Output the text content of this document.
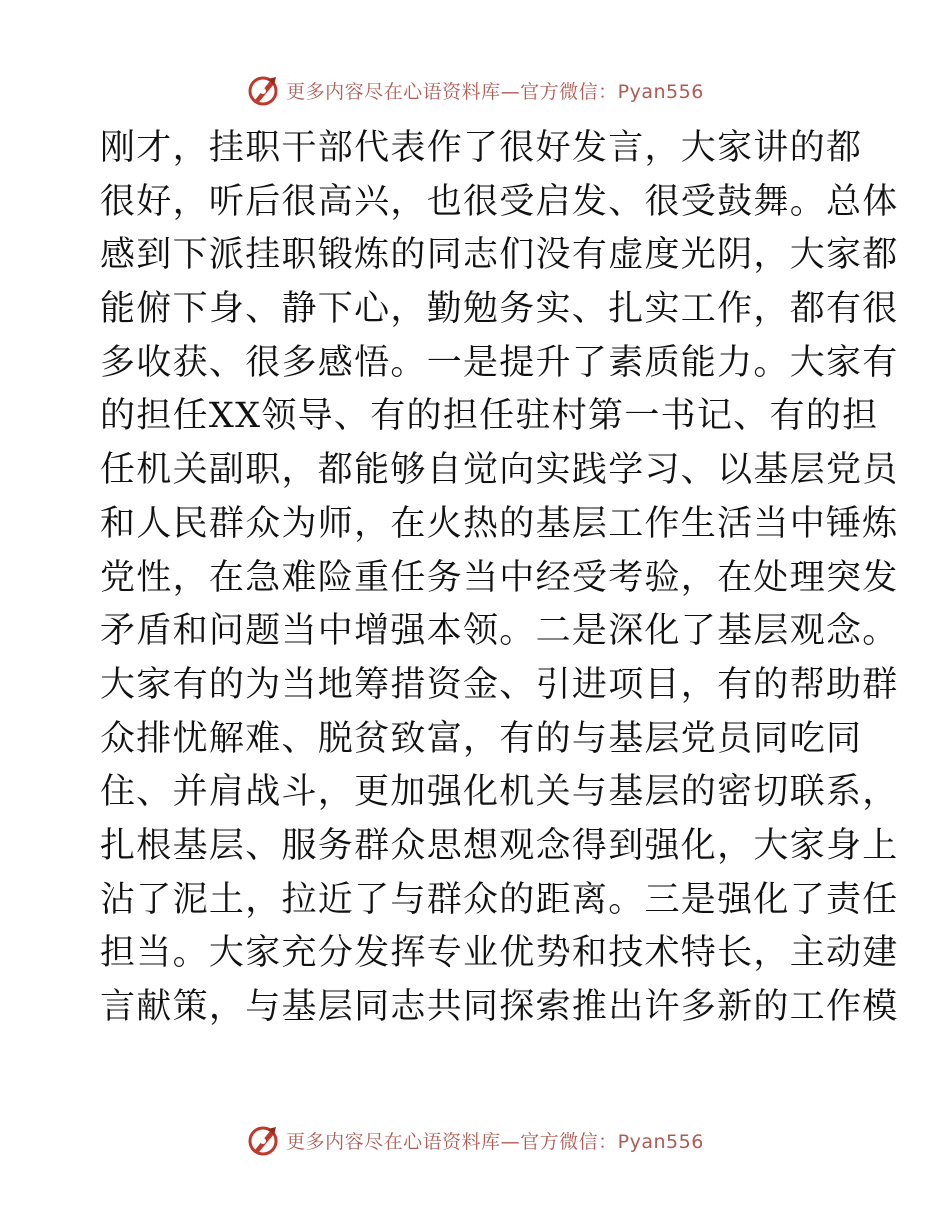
更多内容尽在心语资料库—官方微信：Pyan556
刚才，挂职干部代表作了很好发言，大家讲的都
很好，听后很高兴，也很受启发、很受鼓舞。总体
感到下派挂职锻炼的同志们没有虚度光阴，大家都
能俯下身、静下心，勤勉务实、扎实工作，都有很
多收获、很多感悟。一是提升了素质能力。大家有
的担任XX领导、有的担任驻村第一书记、有的担
任机关副职，都能够自觉向实践学习、以基层党员
和人民群众为师，在火热的基层工作生活当中锤炼
党性，在急难险重任务当中经受考验，在处理突发
矛盾和问题当中增强本领。二是深化了基层观念。
大家有的为当地筹措资金、引进项目，有的帮助群
众排忧解难、脱贫致富，有的与基层党员同吃同
住、并肩战斗，更加强化机关与基层的密切联系，
扎根基层、服务群众思想观念得到强化，大家身上
沾了泥土，拉近了与群众的距离。三是强化了责任
担当。大家充分发挥专业优势和技术特长，主动建
言献策，与基层同志共同探索推出许多新的工作模
更多内容尽在心语资料库—官方微信：Pyan556
